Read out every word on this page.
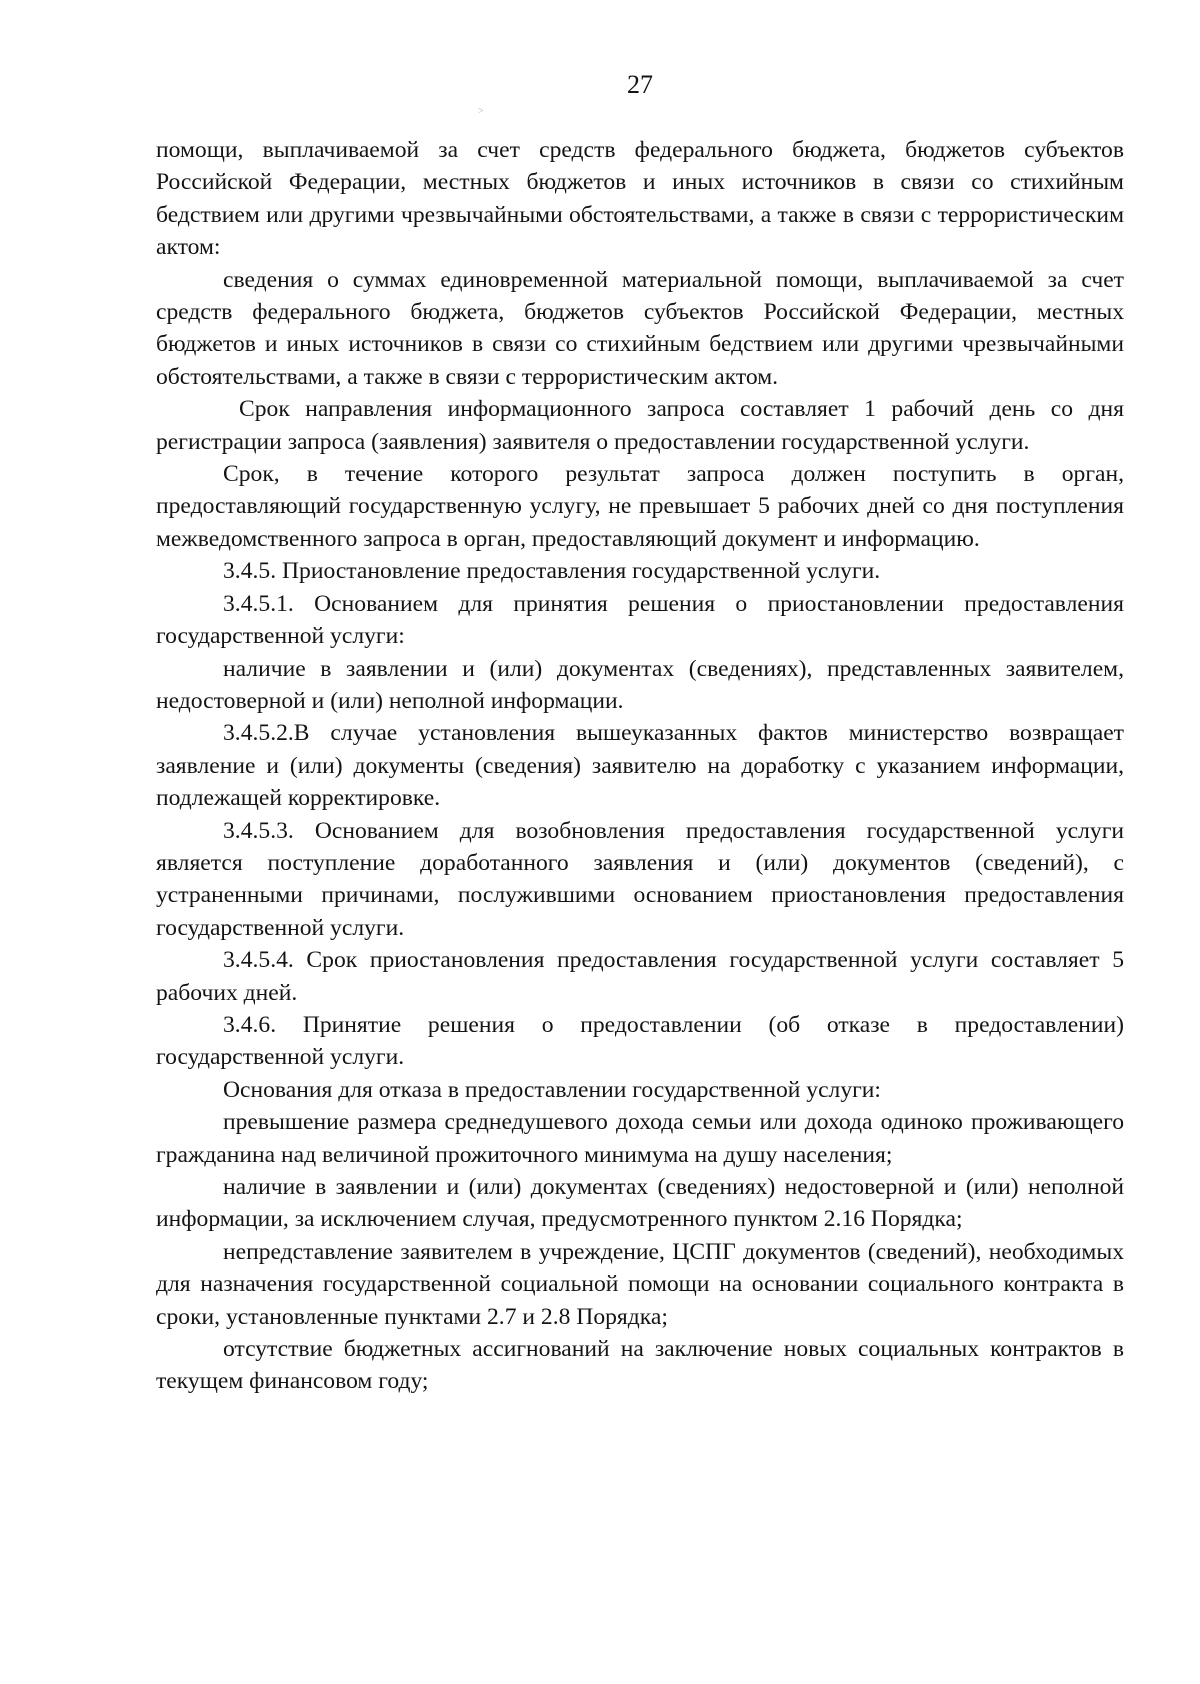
27
>

помощи, выплачиваемой за счет средств федерального бюджета, бюджетов субъектов Российской Федерации, местных бюджетов и иных источников в связи со стихийным бедствием или другими чрезвычайными обстоятельствами, а также в связи с террористическим актом:

сведения о суммах единовременной материальной помощи, выплачиваемой за счет средств федерального бюджета, бюджетов субъектов Российской Федерации, местных бюджетов и иных источников в связи со стихийным бедствием или другими чрезвычайными обстоятельствами, а также в связи с террористическим актом.

Срок направления информационного запроса составляет 1 рабочий день со дня регистрации запроса (заявления) заявителя о предоставлении государственной услуги.

Срок, в течение которого результат запроса должен поступить в орган, предоставляющий государственную услугу, не превышает 5 рабочих дней со дня поступления межведомственного запроса в орган, предоставляющий документ и информацию.

3.4.5. Приостановление предоставления государственной услуги.

3.4.5.1. Основанием для принятия решения о приостановлении предоставления государственной услуги:

наличие в заявлении и (или) документах (сведениях), представленных заявителем, недостоверной и (или) неполной информации.

3.4.5.2.В случае установления вышеуказанных фактов министерство возвращает заявление и (или) документы (сведения) заявителю на доработку с указанием информации, подлежащей корректировке.

3.4.5.3. Основанием для возобновления предоставления государственной услуги является поступление доработанного заявления и (или) документов (сведений), с устраненными причинами, послужившими основанием приостановления предоставления государственной услуги.

3.4.5.4. Срок приостановления предоставления государственной услуги составляет 5 рабочих дней.

3.4.6. Принятие решения о предоставлении (об отказе в предоставлении) государственной услуги.

Основания для отказа в предоставлении государственной услуги:

превышение размера среднедушевого дохода семьи или дохода одиноко проживающего гражданина над величиной прожиточного минимума на душу населения;

наличие в заявлении и (или) документах (сведениях) недостоверной и (или) неполной информации, за исключением случая, предусмотренного пунктом 2.16 Порядка;

непредставление заявителем в учреждение, ЦСПГ документов (сведений), необходимых для назначения государственной социальной помощи на основании социального контракта в сроки, установленные пунктами 2.7 и 2.8 Порядка;

отсутствие бюджетных ассигнований на заключение новых социальных контрактов в текущем финансовом году;
